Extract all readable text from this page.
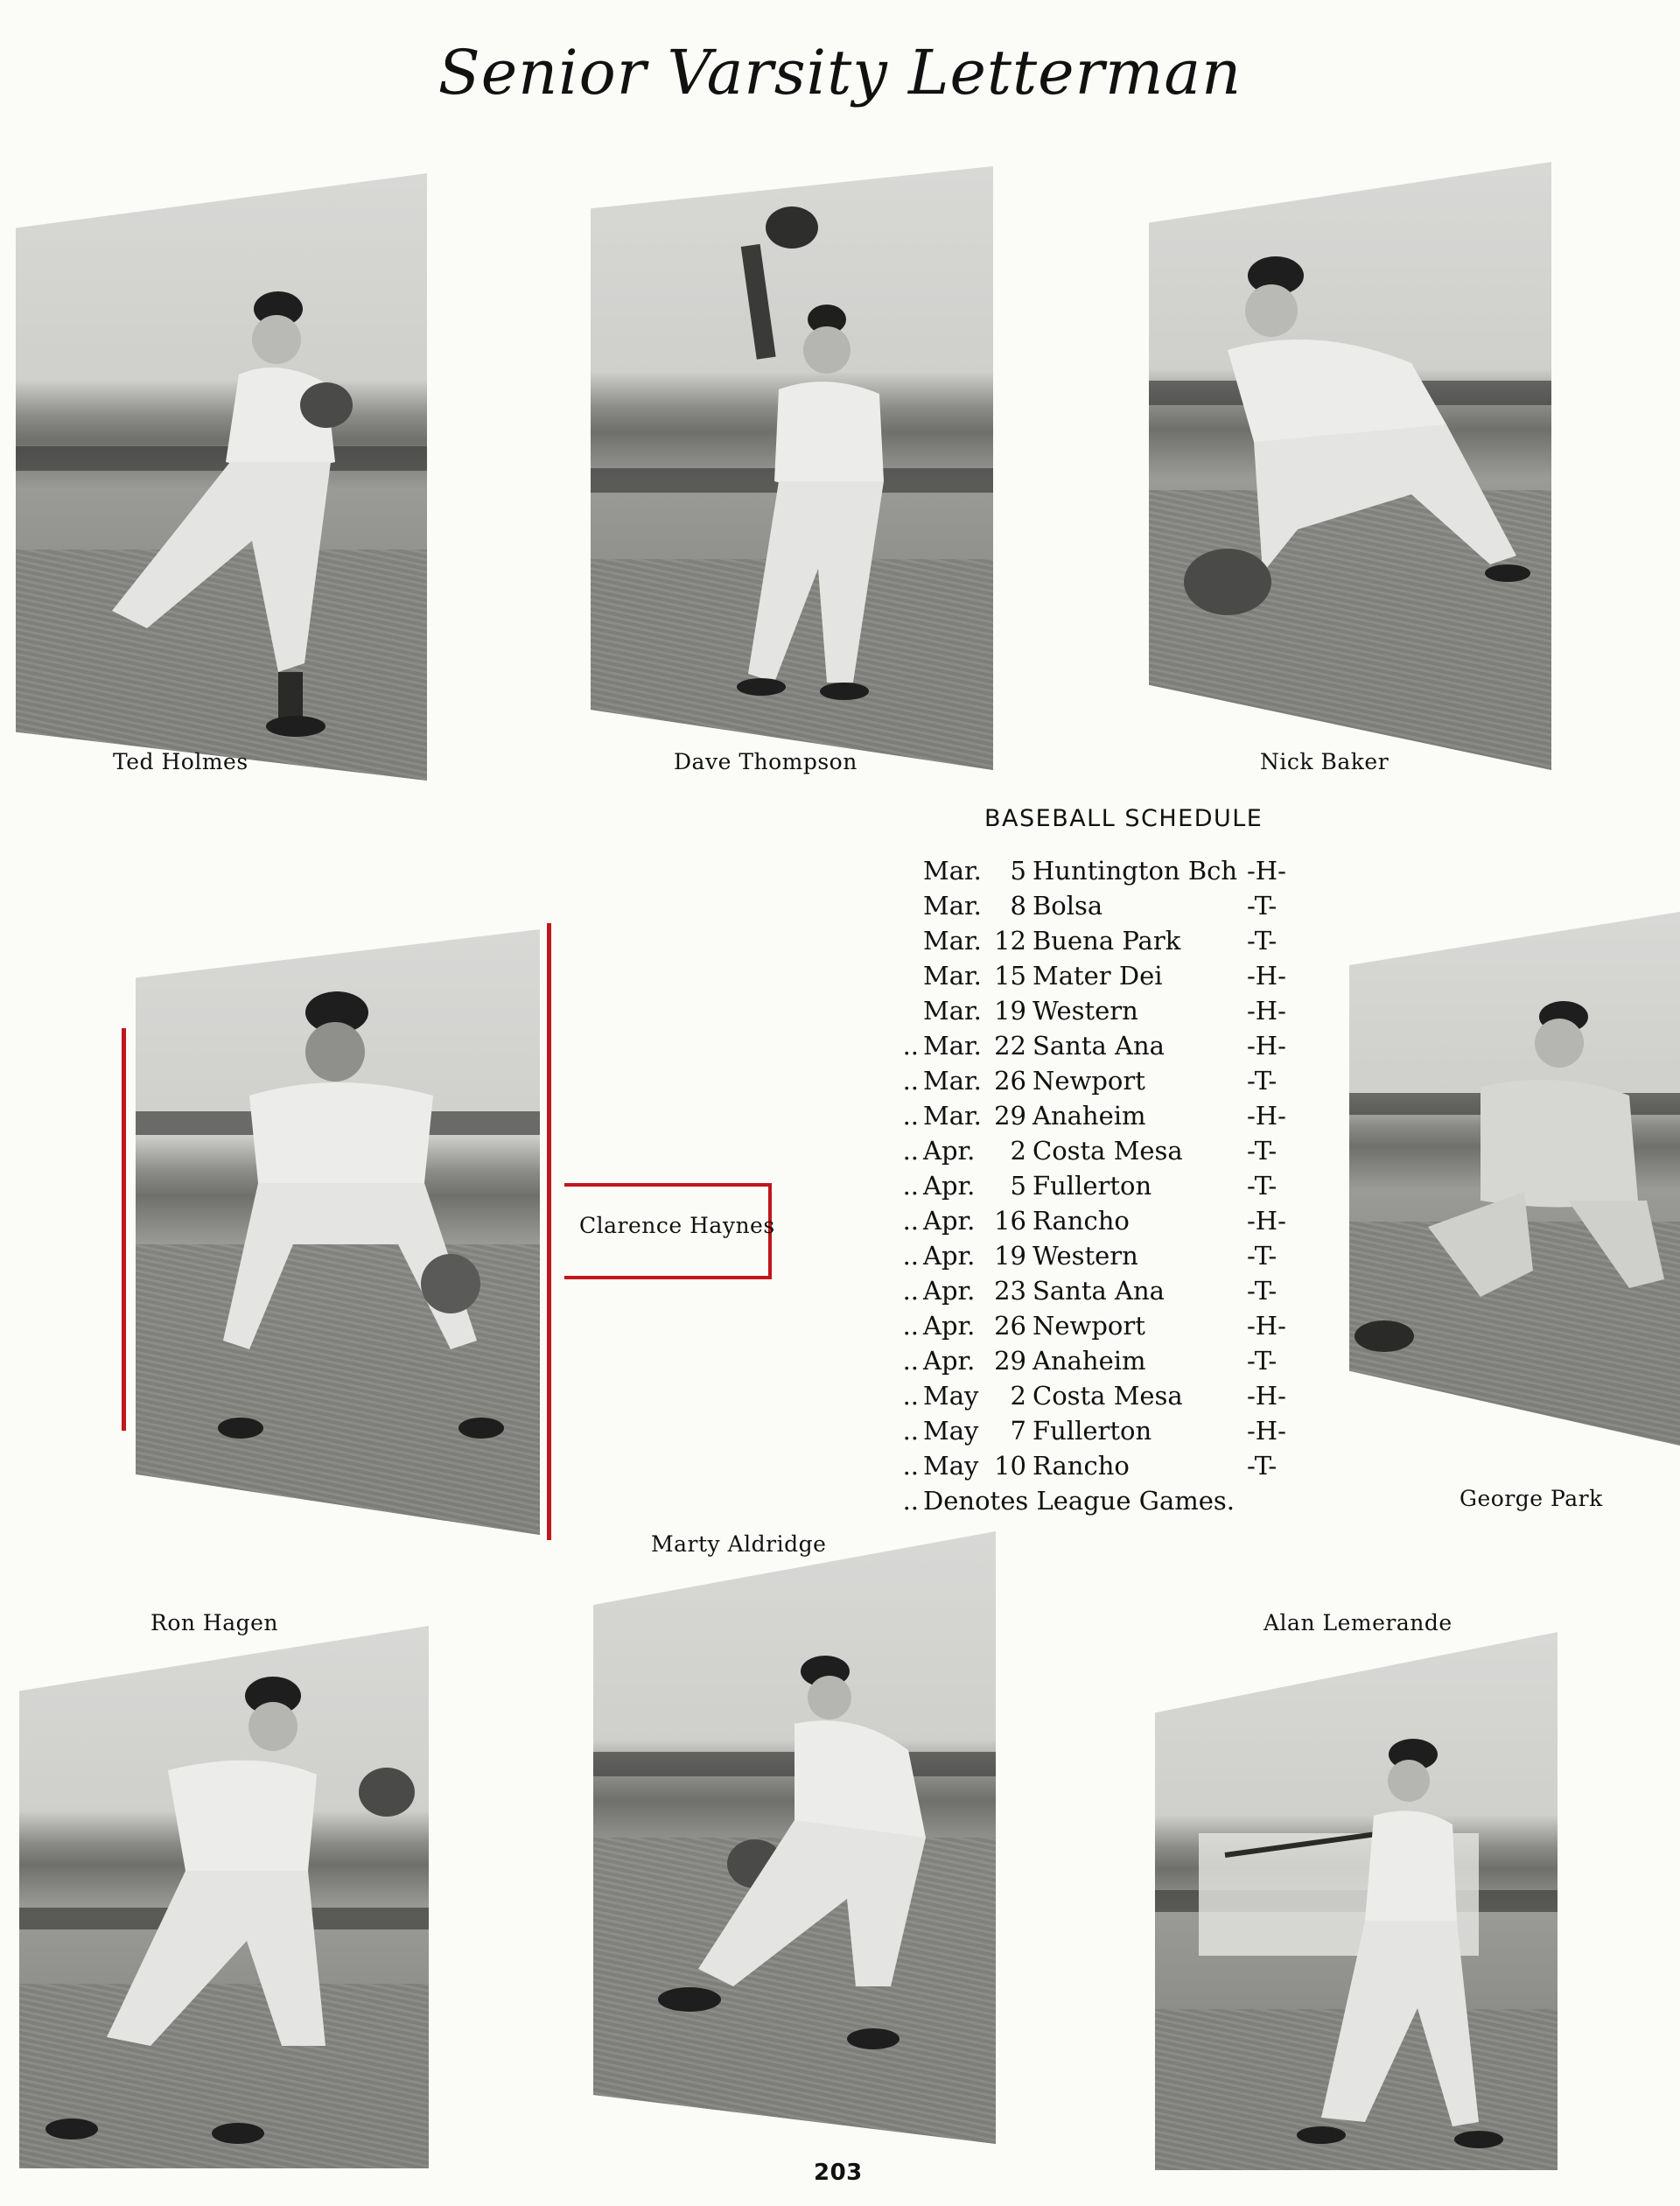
Senior Varsity Letterman
Ted Holmes	Dave Thompson	Nick Baker
Clarence Haynes
BASEBALL SCHEDULE
Mar.	5 Huntington Bch -H-
Mar.	8 Bolsa	-T-
Mar. 12 Buena Park	-T-
Mar. 15 Mater Dei	-H-
Mar. 19 Western	-H-
.. Mar. 22 Santa Ana	-H-
.. Mar. 26 Newport	-T-
.. Mar. 29 Anaheim	-H-
.. Apr.	2 Costa Mesa	-T-
.. Apr.	5 Fullerton	-T-
.. Apr. 16 Rancho	-H-
.. Apr. 19 Western	-T-
.. Apr. 23 Santa Ana	-T-
.. Apr. 26 Newport	-H-
.. Apr. 29 Anaheim	-T-
.. May	2 Costa Mesa	-H-
.. May	7 Fullerton	-H-
.. May 10 Rancho	-T-
.. Denotes League Games.	George Park
Marty Aldridge
Ron Hagen	Alan Lemerande
203
